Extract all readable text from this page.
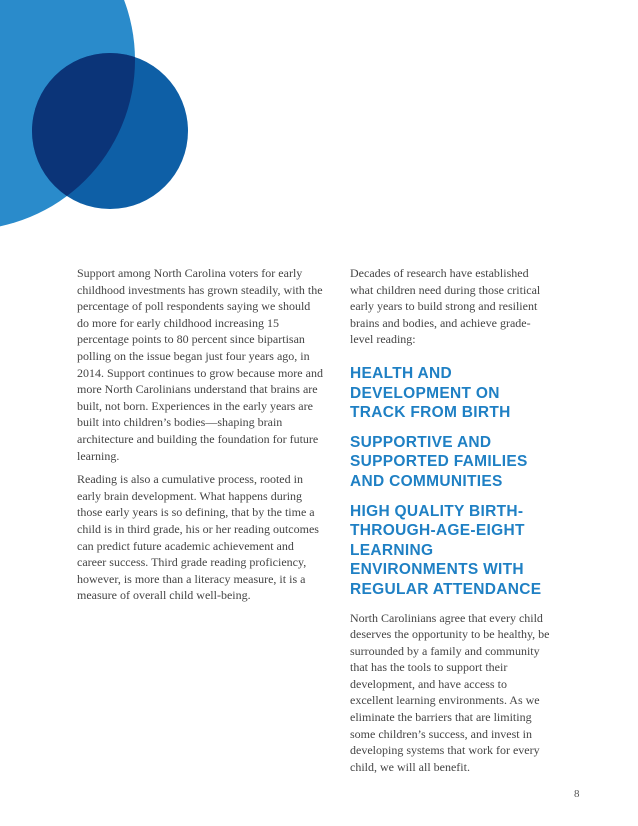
Support among North Carolina voters for early childhood investments has grown steadily, with the percentage of poll respondents saying we should do more for early childhood increasing 15 percentage points to 80 percent since bipartisan polling on the issue began just four years ago, in 2014. Support continues to grow because more and more North Carolinians understand that brains are built, not born. Experiences in the early years are built into children’s bodies—shaping brain architecture and building the foundation for future learning.

Reading is also a cumulative process, rooted in early brain development. What happens during those early years is so defining, that by the time a child is in third grade, his or her reading outcomes can predict future academic achievement and career success. Third grade reading proficiency, however, is more than a literacy measure, it is a measure of overall child well-being.

Decades of research have established what children need during those critical early years to build strong and resilient brains and bodies, and achieve grade-level reading:

HEALTH AND DEVELOPMENT ON TRACK FROM BIRTH
SUPPORTIVE AND SUPPORTED FAMILIES AND COMMUNITIES
HIGH QUALITY BIRTH-THROUGH-AGE-EIGHT LEARNING ENVIRONMENTS WITH REGULAR ATTENDANCE

North Carolinians agree that every child deserves the opportunity to be healthy, be surrounded by a family and community that has the tools to support their development, and have access to excellent learning environments. As we eliminate the barriers that are limiting some children’s success, and invest in developing systems that work for every child, we will all benefit.

8
